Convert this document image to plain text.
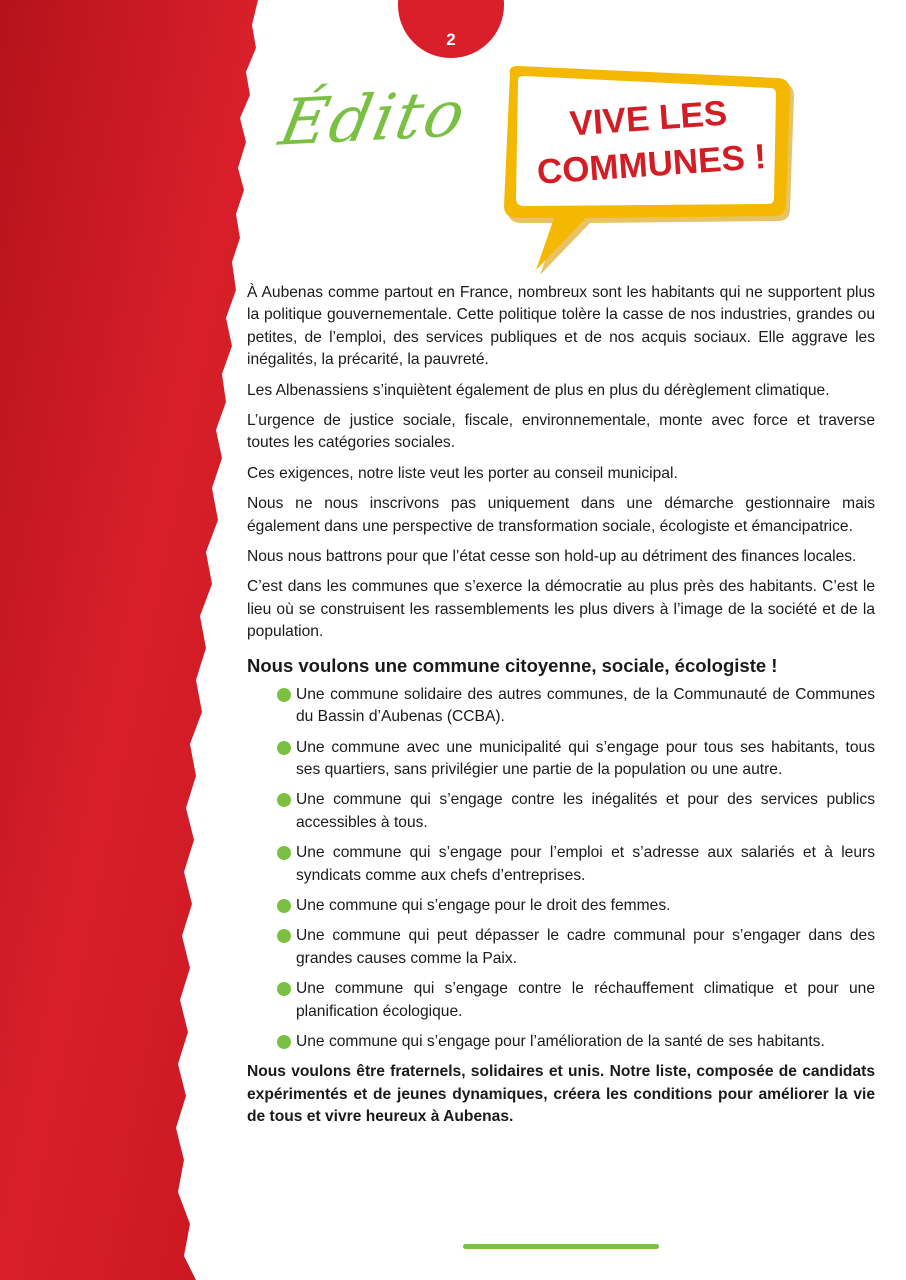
2
Édito	VIVE LES
COMMUNES !

À Aubenas comme partout en France, nombreux sont les habitants qui ne supportent plus la politique gouvernementale. Cette politique tolère la casse de nos industries, grandes ou petites, de l’emploi, des services publiques et de nos acquis sociaux. Elle aggrave les inégalités, la précarité, la pauvreté.

Les Albenassiens s’inquiètent également de plus en plus du dérèglement climatique.

L’urgence de justice sociale, fiscale, environnementale, monte avec force et traverse toutes les catégories sociales.

Ces exigences, notre liste veut les porter au conseil municipal.

Nous ne nous inscrivons pas uniquement dans une démarche gestionnaire mais également dans une perspective de transformation sociale, écologiste et émancipatrice.

Nous nous battrons pour que l’état cesse son hold-up au détriment des finances locales.

C’est dans les communes que s’exerce la démocratie au plus près des habitants. C’est le lieu où se construisent les rassemblements les plus divers à l’image de la société et de la population.

Nous voulons une commune citoyenne, sociale, écologiste !
Une commune solidaire des autres communes, de la Communauté de Communes du Bassin d’Aubenas (CCBA).
Une commune avec une municipalité qui s’engage pour tous ses habitants, tous ses quartiers, sans privilégier une partie de la population ou une autre.
Une commune qui s’engage contre les inégalités et pour des services publics accessibles à tous.
Une commune qui s’engage pour l’emploi et s’adresse aux salariés et à leurs syndicats comme aux chefs d’entreprises.
Une commune qui s’engage pour le droit des femmes.
Une commune qui peut dépasser le cadre communal pour s’engager dans des grandes causes comme la Paix.
Une commune qui s’engage contre le réchauffement climatique et pour une planification écologique.
Une commune qui s’engage pour l’amélioration de la santé de ses habitants.

Nous voulons être fraternels, solidaires et unis. Notre liste, composée de candidats expérimentés et de jeunes dynamiques, créera les conditions pour améliorer la vie de tous et vivre heureux à Aubenas.
